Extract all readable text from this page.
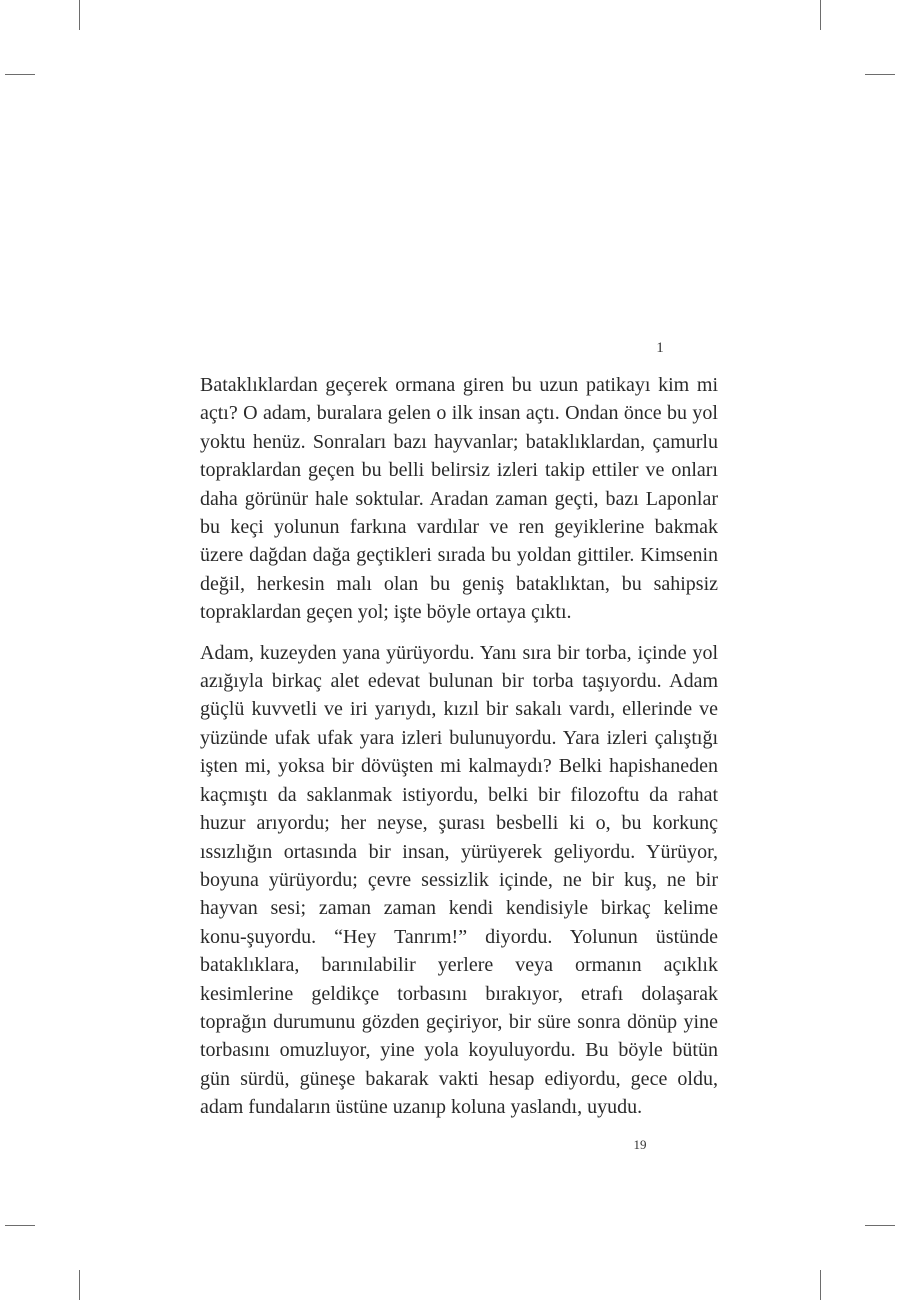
1

Bataklıklardan geçerek ormana giren bu uzun patikayı kim mi açtı? O adam, buralara gelen o ilk insan açtı. Ondan önce bu yol yoktu henüz. Sonraları bazı hayvanlar; bataklıklardan, çamurlu topraklardan geçen bu belli belirsiz izleri takip ettiler ve onları daha görünür hale soktular. Aradan zaman geçti, bazı Laponlar bu keçi yolunun farkına vardılar ve ren geyiklerine bakmak üzere dağdan dağa geçtikleri sırada bu yoldan gittiler. Kimsenin değil, herkesin malı olan bu geniş bataklıktan, bu sahipsiz topraklardan geçen yol; işte böyle ortaya çıktı.

Adam, kuzeyden yana yürüyordu. Yanı sıra bir torba, içinde yol azığıyla birkaç alet edevat bulunan bir torba taşıyordu. Adam güçlü kuvvetli ve iri yarıydı, kızıl bir sakalı vardı, ellerinde ve yüzünde ufak ufak yara izleri bulunuyordu. Yara izleri çalıştığı işten mi, yoksa bir dövüşten mi kalmaydı? Belki hapishaneden kaçmıştı da saklanmak istiyordu, belki bir filozoftu da rahat huzur arıyordu; her neyse, şurası besbelli ki o, bu korkunç ıssızlığın ortasında bir insan, yürüyerek geliyordu. Yürüyor, boyuna yürüyordu; çevre sessizlik içinde, ne bir kuş, ne bir hayvan sesi; zaman zaman kendi kendisiyle birkaç kelime konu-şuyordu. “Hey Tanrım!” diyordu. Yolunun üstünde bataklıklara, barınılabilir yerlere veya ormanın açıklık kesimlerine geldikçe torbasını bırakıyor, etrafı dolaşarak toprağın durumunu gözden geçiriyor, bir süre sonra dönüp yine torbasını omuzluyor, yine yola koyuluyordu. Bu böyle bütün gün sürdü, güneşe bakarak vakti hesap ediyordu, gece oldu, adam fundaların üstüne uzanıp koluna yaslandı, uyudu.

19
